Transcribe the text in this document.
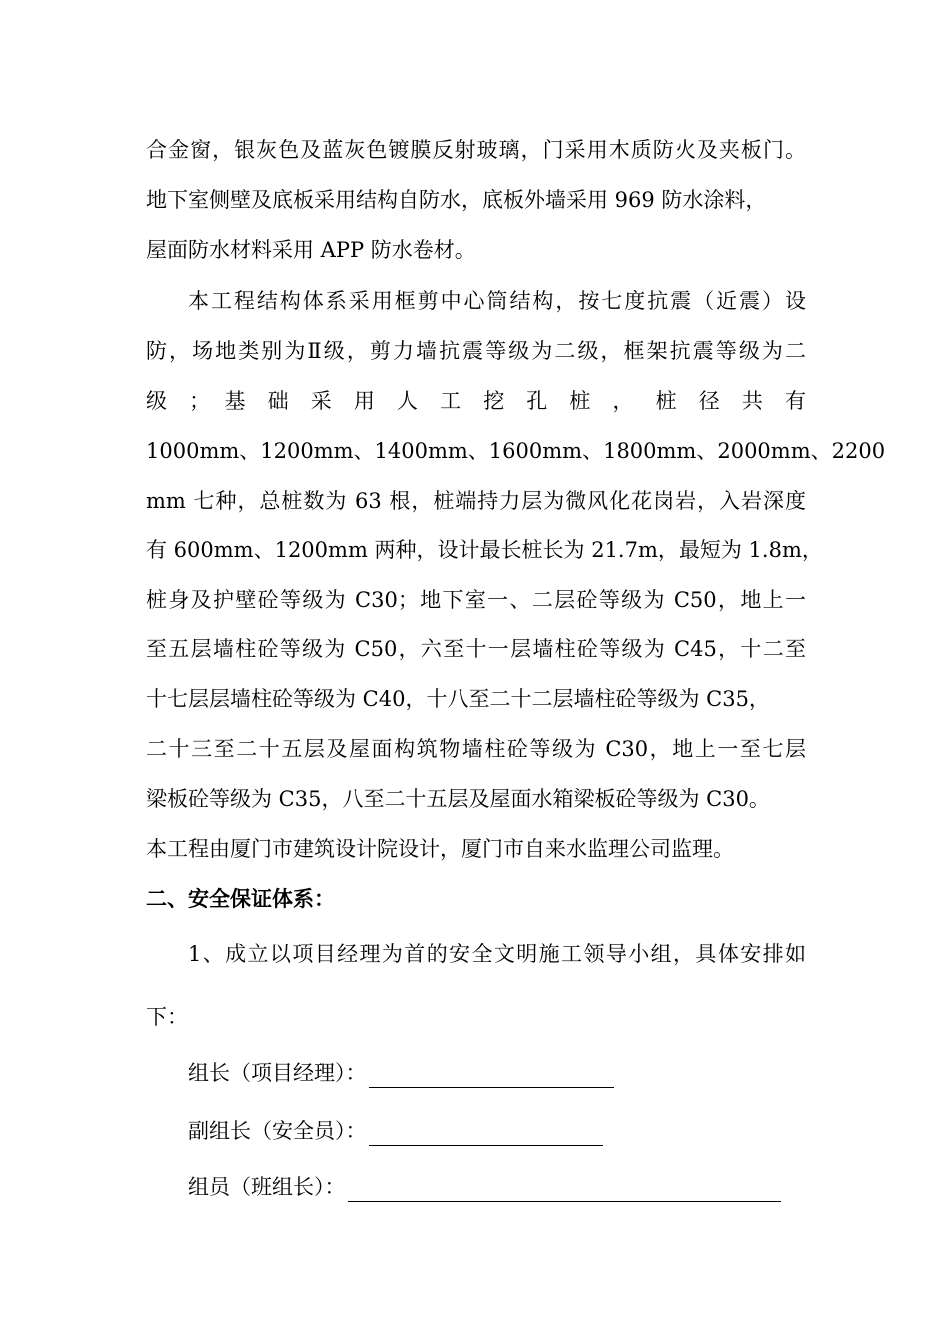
合金窗，银灰色及蓝灰色镀膜反射玻璃，门采用木质防火及夹板门。
地下室侧壁及底板采用结构自防水，底板外墙采用 969 防水涂料，
屋面防水材料采用 APP 防水卷材。
本工程结构体系采用框剪中心筒结构，按七度抗震（近震）设
防，场地类别为Ⅱ级，剪力墙抗震等级为二级，框架抗震等级为二
级 ； 基 础 采 用 人 工 挖 孔 桩 ， 桩 径 共 有
1000mm、1200mm、1400mm、1600mm、1800mm、2000mm、2200
mm 七种，总桩数为 63 根，桩端持力层为微风化花岗岩，入岩深度
有 600mm、1200mm 两种，设计最长桩长为 21.7m，最短为 1.8m，
桩身及护壁砼等级为 C30；地下室一、二层砼等级为 C50，地上一
至五层墙柱砼等级为 C50，六至十一层墙柱砼等级为 C45，十二至
十七层层墙柱砼等级为 C40，十八至二十二层墙柱砼等级为 C35，
二十三至二十五层及屋面构筑物墙柱砼等级为 C30，地上一至七层
梁板砼等级为 C35，八至二十五层及屋面水箱梁板砼等级为 C30。
本工程由厦门市建筑设计院设计，厦门市自来水监理公司监理。
二、安全保证体系：
1、成立以项目经理为首的安全文明施工领导小组，具体安排如
下：
组长（项目经理）：
副组长（安全员）：
组员（班组长）：
